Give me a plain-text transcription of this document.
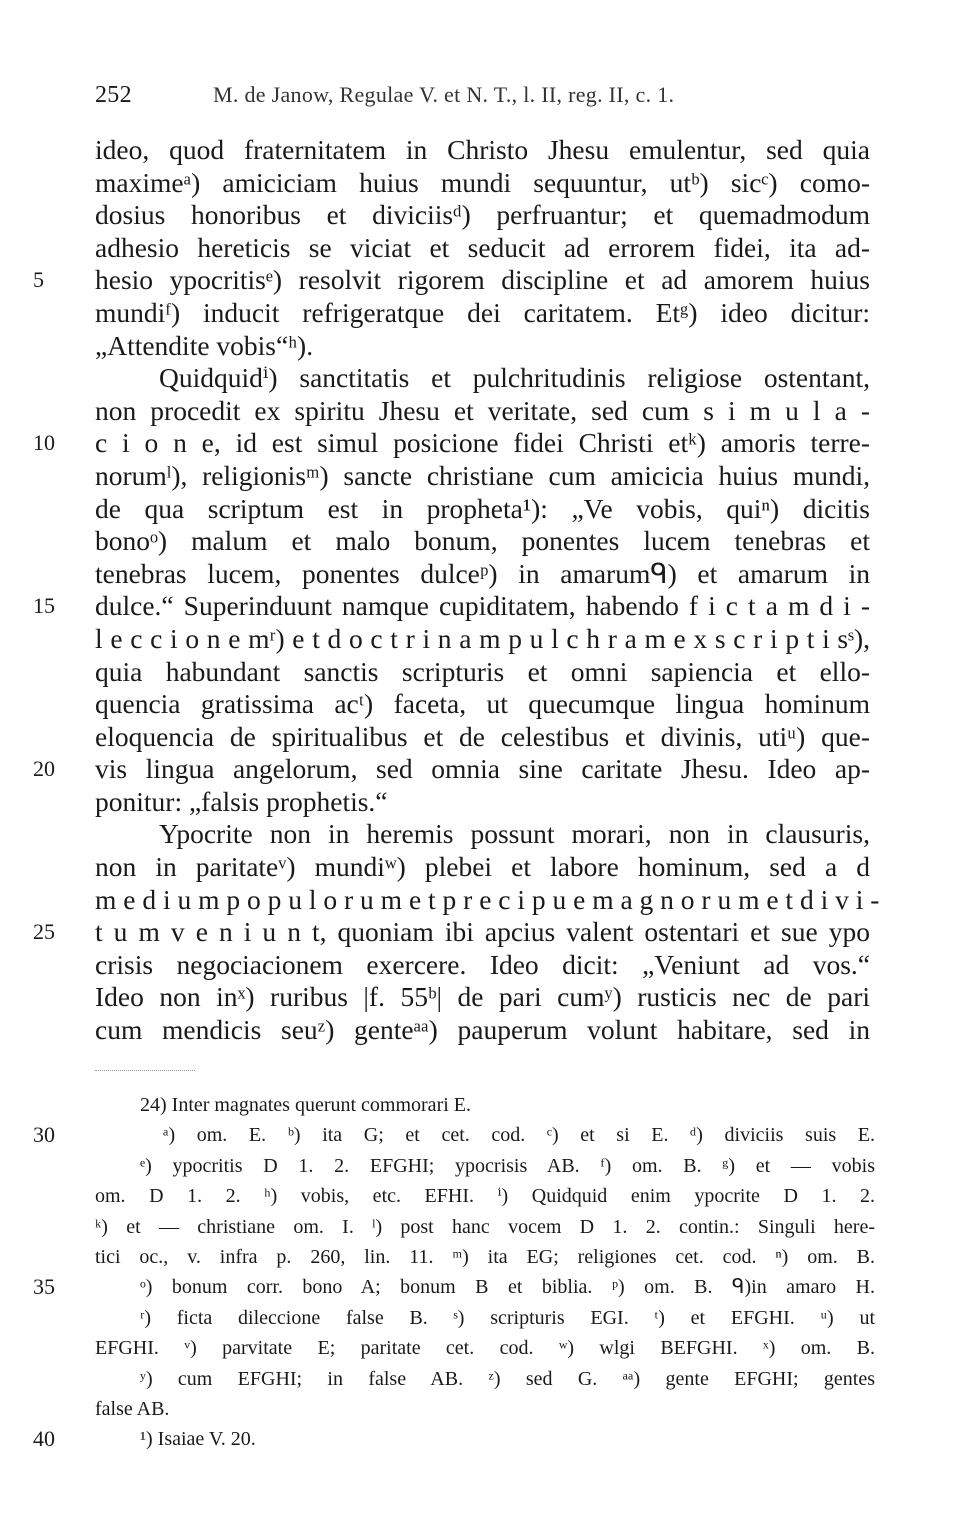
252	M. de Janow, Regulae V. et N. T., l. II, reg. II, c. 1.
ideo, quod fraternitatem in Christo Jhesu emulentur, sed quia
maximeᵃ) amiciciam huius mundi sequuntur, utᵇ) sicᶜ) como-
dosius honoribus et diviciisᵈ) perfruantur; et quemadmodum
adhesio hereticis se viciat et seducit ad errorem fidei, ita ad-
5	hesio ypocritisᵉ) resolvit rigorem discipline et ad amorem huius
mundiᶠ) inducit refrigeratque dei caritatem. Etᵍ) ideo dicitur:
„Attendite vobis“ʰ).
Quidquidⁱ) sanctitatis et pulchritudinis religiose ostentant,
non procedit ex spiritu Jhesu et veritate, sed cum s i m u l a -
10	c i o n e, id est simul posicione fidei Christi etᵏ) amoris terre-
norumˡ), religionisᵐ) sancte christiane cum amicicia huius mundi,
de qua scriptum est in propheta¹): „Ve vobis, quiⁿ) dicitis
bonoᵒ) malum et malo bonum, ponentes lucem tenebras et
tenebras lucem, ponentes dulceᵖ) in amarumᑫ) et amarum in
15	dulce.“ Superinduunt namque cupiditatem, habendo f i c t a m d i -
l e c c i o n e mʳ) e t d o c t r i n a m p u l c h r a m e x s c r i p t i sˢ),
quia habundant sanctis scripturis et omni sapiencia et ello-
quencia gratissima acᵗ) faceta, ut quecumque lingua hominum
eloquencia de spiritualibus et de celestibus et divinis, utiᵘ) que-
20	vis lingua angelorum, sed omnia sine caritate Jhesu. Ideo ap-
ponitur: „falsis prophetis.“
Ypocrite non in heremis possunt morari, non in clausuris,
non in paritateᵛ) mundiʷ) plebei et labore hominum, sed a d
m e d i u m p o p u l o r u m e t p r e c i p u e m a g n o r u m e t d i v i -
25	t u m v e n i u n t, quoniam ibi apcius valent ostentari et sue ypo
crisis negociacionem exercere. Ideo dicit: „Veniunt ad vos.“
Ideo non inˣ) ruribus |f. 55ᵇ| de pari cumʸ) rusticis nec de pari
cum mendicis seuᶻ) genteᵃᵃ) pauperum volunt habitare, sed in
24) Inter magnates querunt commorari E.
30	ᵃ) om. E. ᵇ) ita G; et cet. cod. ᶜ) et si E. ᵈ) diviciis suis E.
ᵉ) ypocritis D 1. 2. EFGHI; ypocrisis AB. ᶠ) om. B. ᵍ) et — vobis
om. D 1. 2. ʰ) vobis, etc. EFHI. ⁱ) Quidquid enim ypocrite D 1. 2.
ᵏ) et — christiane om. I. ˡ) post hanc vocem D 1. 2. contin.: Singuli here-
tici oc., v. infra p. 260, lin. 11. ᵐ) ita EG; religiones cet. cod. ⁿ) om. B.
35	ᵒ) bonum corr. bono A; bonum B et biblia. ᵖ) om. B. ᑫ)in amaro H.
ʳ) ficta dileccione false B. ˢ) scripturis EGI. ᵗ) et EFGHI. ᵘ) ut
EFGHI. ᵛ) parvitate E; paritate cet. cod. ʷ) wlgi BEFGHI. ˣ) om. B.
ʸ) cum EFGHI; in false AB. ᶻ) sed G. ᵃᵃ) gente EFGHI; gentes
false AB.
40	¹) Isaiae V. 20.
